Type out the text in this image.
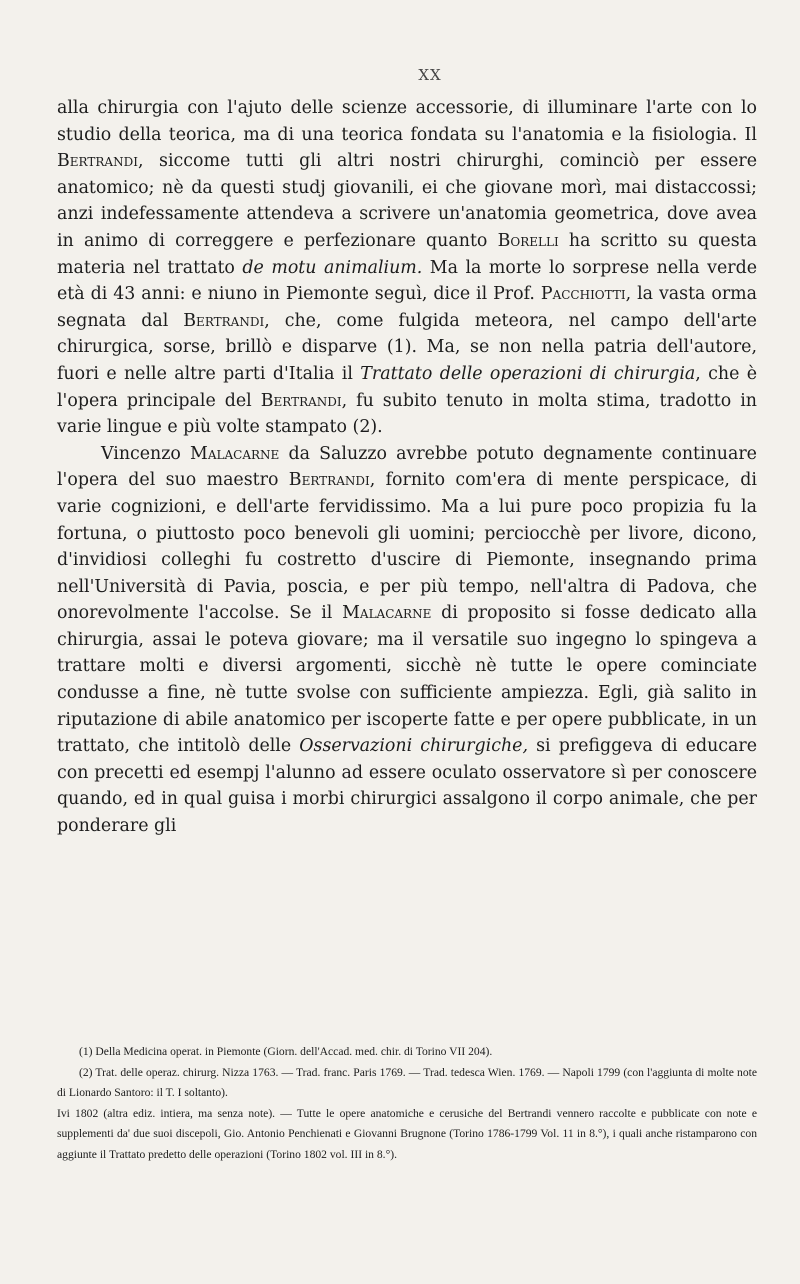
XX

alla chirurgia con l'ajuto delle scienze accessorie, di illuminare l'arte con lo studio della teorica, ma di una teorica fondata su l'anatomia e la fisiologia. Il Bertrandi, siccome tutti gli altri nostri chirurghi, cominciò per essere anatomico; nè da questi studj giovanili, ei che giovane morì, mai distaccossi; anzi indefessamente attendeva a scrivere un'anatomia geometrica, dove avea in animo di correggere e perfezionare quanto Borelli ha scritto su questa materia nel trattato de motu animalium. Ma la morte lo sorprese nella verde età di 43 anni: e niuno in Piemonte seguì, dice il Prof. Pacchiotti, la vasta orma segnata dal Bertrandi, che, come fulgida meteora, nel campo dell'arte chirurgica, sorse, brillò e disparve (1). Ma, se non nella patria dell'autore, fuori e nelle altre parti d'Italia il Trattato delle operazioni di chirurgia, che è l'opera principale del Bertrandi, fu subito tenuto in molta stima, tradotto in varie lingue e più volte stampato (2).

Vincenzo Malacarne da Saluzzo avrebbe potuto degnamente continuare l'opera del suo maestro Bertrandi, fornito com'era di mente perspicace, di varie cognizioni, e dell'arte fervidissimo. Ma a lui pure poco propizia fu la fortuna, o piuttosto poco benevoli gli uomini; perciocchè per livore, dicono, d'invidiosi colleghi fu costretto d'uscire di Piemonte, insegnando prima nell'Università di Pavia, poscia, e per più tempo, nell'altra di Padova, che onorevolmente l'accolse. Se il Malacarne di proposito si fosse dedicato alla chirurgia, assai le poteva giovare; ma il versatile suo ingegno lo spingeva a trattare molti e diversi argomenti, sicchè nè tutte le opere cominciate condusse a fine, nè tutte svolse con sufficiente ampiezza. Egli, già salito in riputazione di abile anatomico per iscoperte fatte e per opere pubblicate, in un trattato, che intitolò delle Osservazioni chirurgiche, si prefiggeva di educare con precetti ed esempj l'alunno ad essere oculato osservatore sì per conoscere quando, ed in qual guisa i morbi chirurgici assalgono il corpo animale, che per ponderare gli

(1) Della Medicina operat. in Piemonte (Giorn. dell'Accad. med. chir. di Torino VII 204).

(2) Trat. delle operaz. chirurg. Nizza 1763. — Trad. franc. Paris 1769. — Trad. tedesca Wien. 1769. — Napoli 1799 (con l'aggiunta di molte note di Lionardo Santoro: il T. I soltanto).

Ivi 1802 (altra ediz. intiera, ma senza note). — Tutte le opere anatomiche e cerusiche del Bertrandi vennero raccolte e pubblicate con note e supplementi da' due suoi discepoli, Gio. Antonio Penchienati e Giovanni Brugnone (Torino 1786-1799 Vol. 11 in 8.°), i quali anche ristamparono con aggiunte il Trattato predetto delle operazioni (Torino 1802 vol. III in 8.°).
